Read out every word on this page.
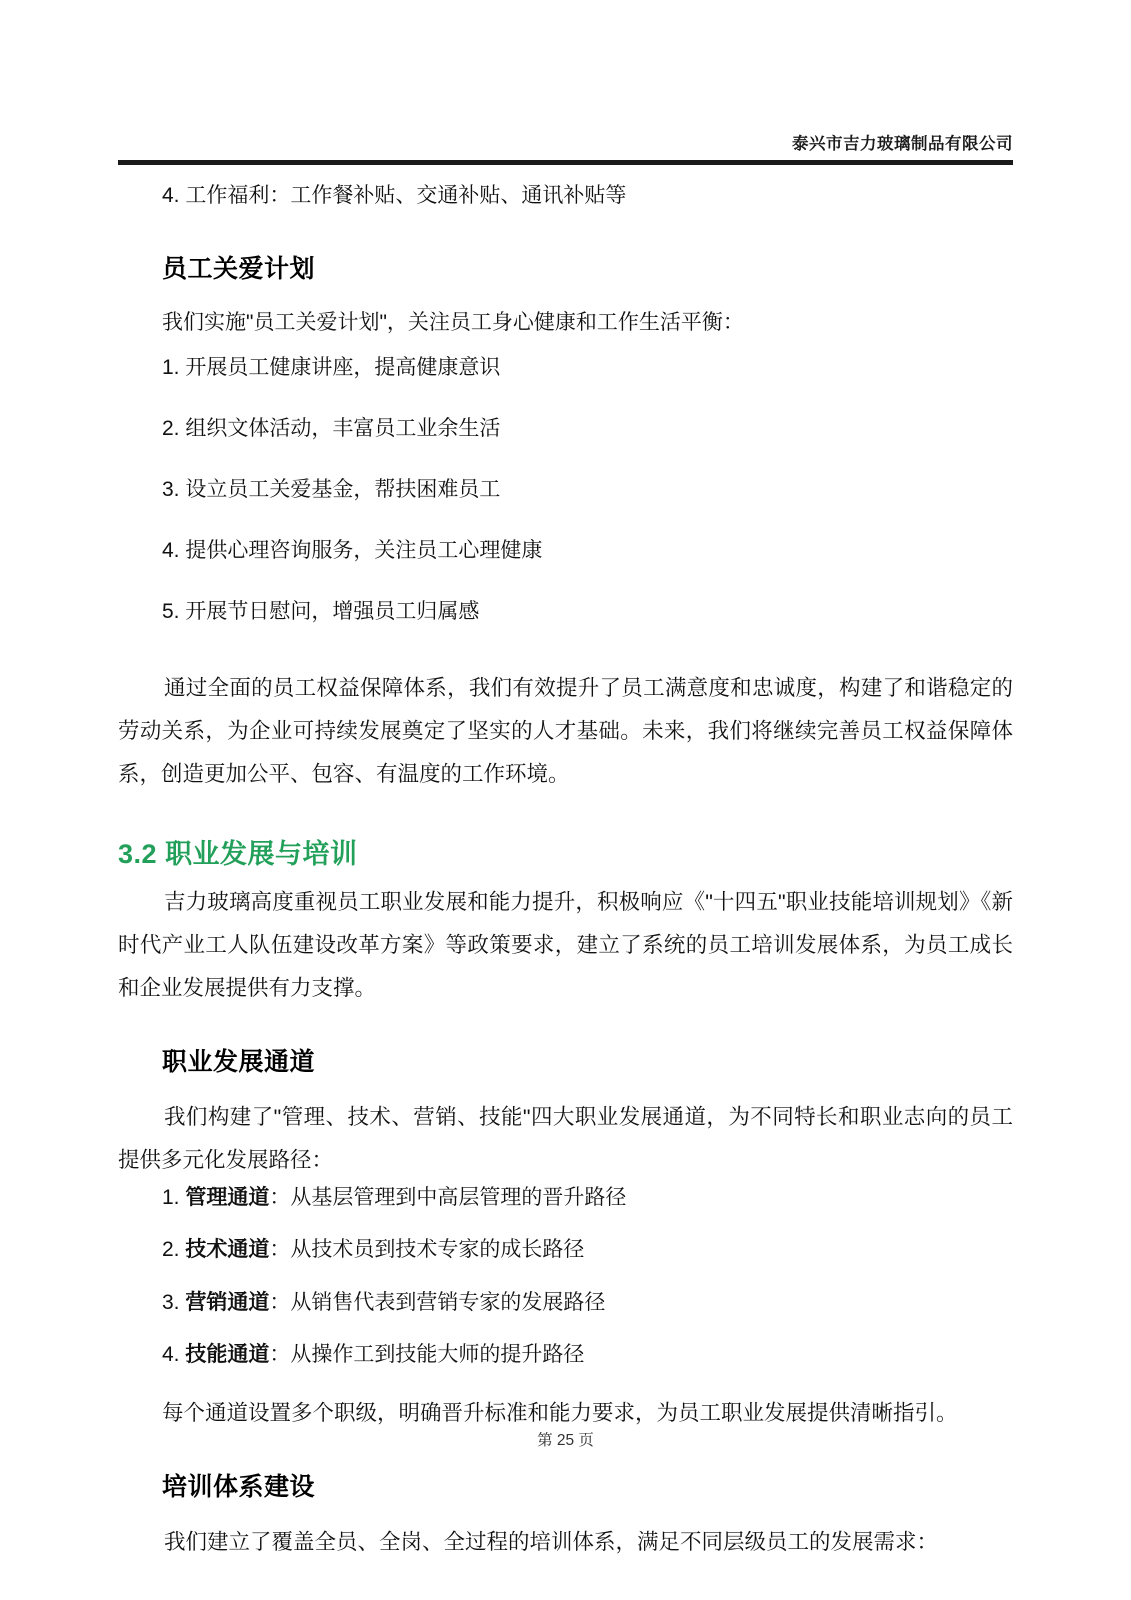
泰兴市吉力玻璃制品有限公司

4. 工作福利：工作餐补贴、交通补贴、通讯补贴等

员工关爱计划

我们实施"员工关爱计划"，关注员工身心健康和工作生活平衡：

1. 开展员工健康讲座，提高健康意识

2. 组织文体活动，丰富员工业余生活

3. 设立员工关爱基金，帮扶困难员工

4. 提供心理咨询服务，关注员工心理健康

5. 开展节日慰问，增强员工归属感

通过全面的员工权益保障体系，我们有效提升了员工满意度和忠诚度，构建了和谐稳定的劳动关系，为企业可持续发展奠定了坚实的人才基础。未来，我们将继续完善员工权益保障体系，创造更加公平、包容、有温度的工作环境。

3.2 职业发展与培训

吉力玻璃高度重视员工职业发展和能力提升，积极响应《"十四五"职业技能培训规划》《新时代产业工人队伍建设改革方案》等政策要求，建立了系统的员工培训发展体系，为员工成长和企业发展提供有力支撑。

职业发展通道

我们构建了"管理、技术、营销、技能"四大职业发展通道，为不同特长和职业志向的员工提供多元化发展路径：

1. 管理通道：从基层管理到中高层管理的晋升路径

2. 技术通道：从技术员到技术专家的成长路径

3. 营销通道：从销售代表到营销专家的发展路径

4. 技能通道：从操作工到技能大师的提升路径

每个通道设置多个职级，明确晋升标准和能力要求，为员工职业发展提供清晰指引。

培训体系建设

我们建立了覆盖全员、全岗、全过程的培训体系，满足不同层级员工的发展需求：

第 25 页
